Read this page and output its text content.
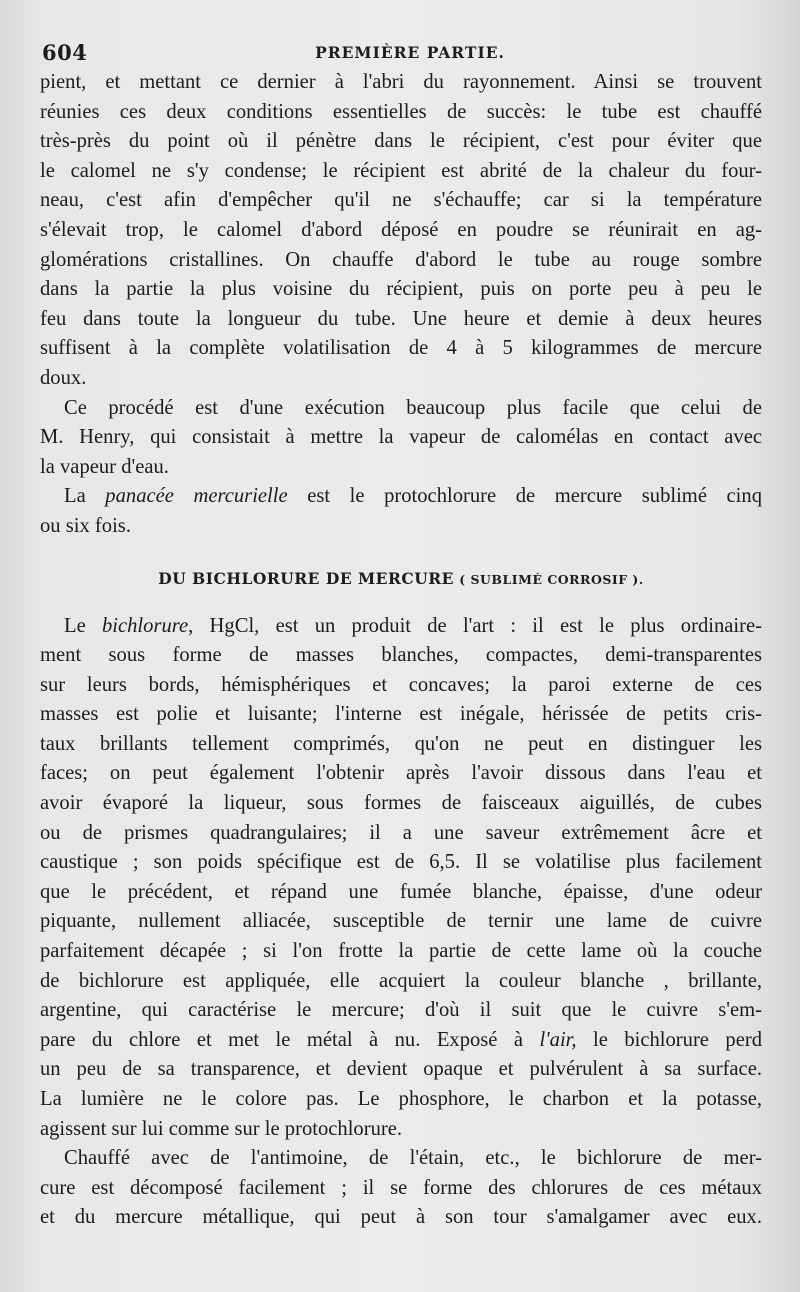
604	PREMIÈRE PARTIE.
pient, et mettant ce dernier à l'abri du rayonnement. Ainsi se trouvent
réunies ces deux conditions essentielles de succès: le tube est chauffé
très-près du point où il pénètre dans le récipient, c'est pour éviter que
le calomel ne s'y condense; le récipient est abrité de la chaleur du four-
neau, c'est afin d'empêcher qu'il ne s'échauffe; car si la température
s'élevait trop, le calomel d'abord déposé en poudre se réunirait en ag-
glomérations cristallines. On chauffe d'abord le tube au rouge sombre
dans la partie la plus voisine du récipient, puis on porte peu à peu le
feu dans toute la longueur du tube. Une heure et demie à deux heures
suffisent à la complète volatilisation de 4 à 5 kilogrammes de mercure
doux.
Ce procédé est d'une exécution beaucoup plus facile que celui de
M. Henry, qui consistait à mettre la vapeur de calomélas en contact avec
la vapeur d'eau.
La panacée mercurielle est le protochlorure de mercure sublimé cinq
ou six fois.
DU BICHLORURE DE MERCURE ( SUBLIMÉ CORROSIF ).
Le bichlorure, HgCl, est un produit de l'art : il est le plus ordinaire-
ment sous forme de masses blanches, compactes, demi-transparentes
sur leurs bords, hémisphériques et concaves; la paroi externe de ces
masses est polie et luisante; l'interne est inégale, hérissée de petits cris-
taux brillants tellement comprimés, qu'on ne peut en distinguer les
faces; on peut également l'obtenir après l'avoir dissous dans l'eau et
avoir évaporé la liqueur, sous formes de faisceaux aiguillés, de cubes
ou de prismes quadrangulaires; il a une saveur extrêmement âcre et
caustique ; son poids spécifique est de 6,5. Il se volatilise plus facilement
que le précédent, et répand une fumée blanche, épaisse, d'une odeur
piquante, nullement alliacée, susceptible de ternir une lame de cuivre
parfaitement décapée ; si l'on frotte la partie de cette lame où la couche
de bichlorure est appliquée, elle acquiert la couleur blanche , brillante,
argentine, qui caractérise le mercure; d'où il suit que le cuivre s'em-
pare du chlore et met le métal à nu. Exposé à l'air, le bichlorure perd
un peu de sa transparence, et devient opaque et pulvérulent à sa surface.
La lumière ne le colore pas. Le phosphore, le charbon et la potasse,
agissent sur lui comme sur le protochlorure.
Chauffé avec de l'antimoine, de l'étain, etc., le bichlorure de mer-
cure est décomposé facilement ; il se forme des chlorures de ces métaux
et du mercure métallique, qui peut à son tour s'amalgamer avec eux.
